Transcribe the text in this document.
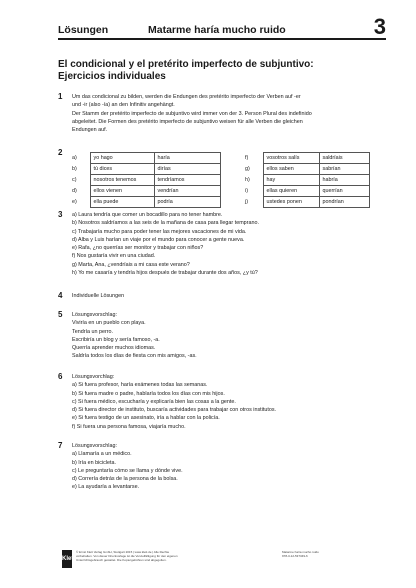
Lösungen	Matarme haría mucho ruido	3
El condicional y el pretérito imperfecto de subjuntivo:
Ejercicios individuales
1 Um das condicional zu bilden, werden die Endungen des pretérito imperfecto der Verben auf -er
und -ir (also -ía) an den Infinitiv angehängt.
Der Stamm der pretérito imperfecto de subjuntivo wird immer von der 3. Person Plural des indefinido
abgeleitet. Die Formen des pretérito imperfecto de subjuntivo weisen für alle Verben die gleichen
Endungen auf.
2
a)	yo hago	haría
b)	tú dices	dirías
c)	nosotros tenemos	tendríamos
d)	ellos vienen	vendrían
e)	ella puede	podría
f)	vosotros salís	saldríais
g)	ellos saben	sabrían
h)	hay	habría
i)	ellas quieren	querrían
j)	ustedes ponen	pondrían
3 a) Laura tendría que comer un bocadillo para no tener hambre.
b) Nosotros saldríamos a las seis de la mañana de casa para llegar temprano.
c) Trabajaría mucho para poder tener las mejores vacaciones de mi vida.
d) Alba y Luis harían un viaje por el mundo para conocer a gente nueva.
e) Rafa, ¿no querrías ser monitor y trabajar con niños?
f) Nos gustaría vivir en una ciudad.
g) Marta, Ana, ¿vendríais a mi casa este verano?
h) Yo me casaría y tendría hijos después de trabajar durante dos años, ¿y tú?
4 Individuelle Lösungen
5 Lösungsvorschlag:
Viviría en un pueblo con playa.
Tendría un perro.
Escribiría un blog y sería famoso, -a.
Querría aprender muchos idiomas.
Saldría todos los días de fiesta con mis amigos, -as.
6 Lösungsvorchlag:
a) Si fuera profesor, haría exámenes todas las semanas.
b) Si fuera madre o padre, hablaría todos los días con mis hijos.
c) Si fuera médico, escucharía y explicaría bien las cosas a la gente.
d) Si fuera director de instituto, buscaría actividades para trabajar con otros institutos.
e) Si fuera testigo de un asesinato, iría a hablar con la policía.
f) Si fuera una persona famosa, viajaría mucho.
7 Lösungsvorschlag:
a) Llamaría a un médico.
b) Iría en bicicleta.
c) Le preguntaría cómo se llama y dónde vive.
d) Correría detrás de la persona de la bolsa.
e) La ayudaría a levantarse.
Klett
© Ernst Klett Verlag GmbH, Stuttgart 2015 | www.klett.de | Alle Rechte
vorbehalten. Von dieser Druckvorlage ist die Vervielfältigung für den eigenen
Unterrichtsgebrauch gestattet. Die Kopiergebühren sind abgegolten.
Matarme haría mucho ruido
978-3-12-537349-6
